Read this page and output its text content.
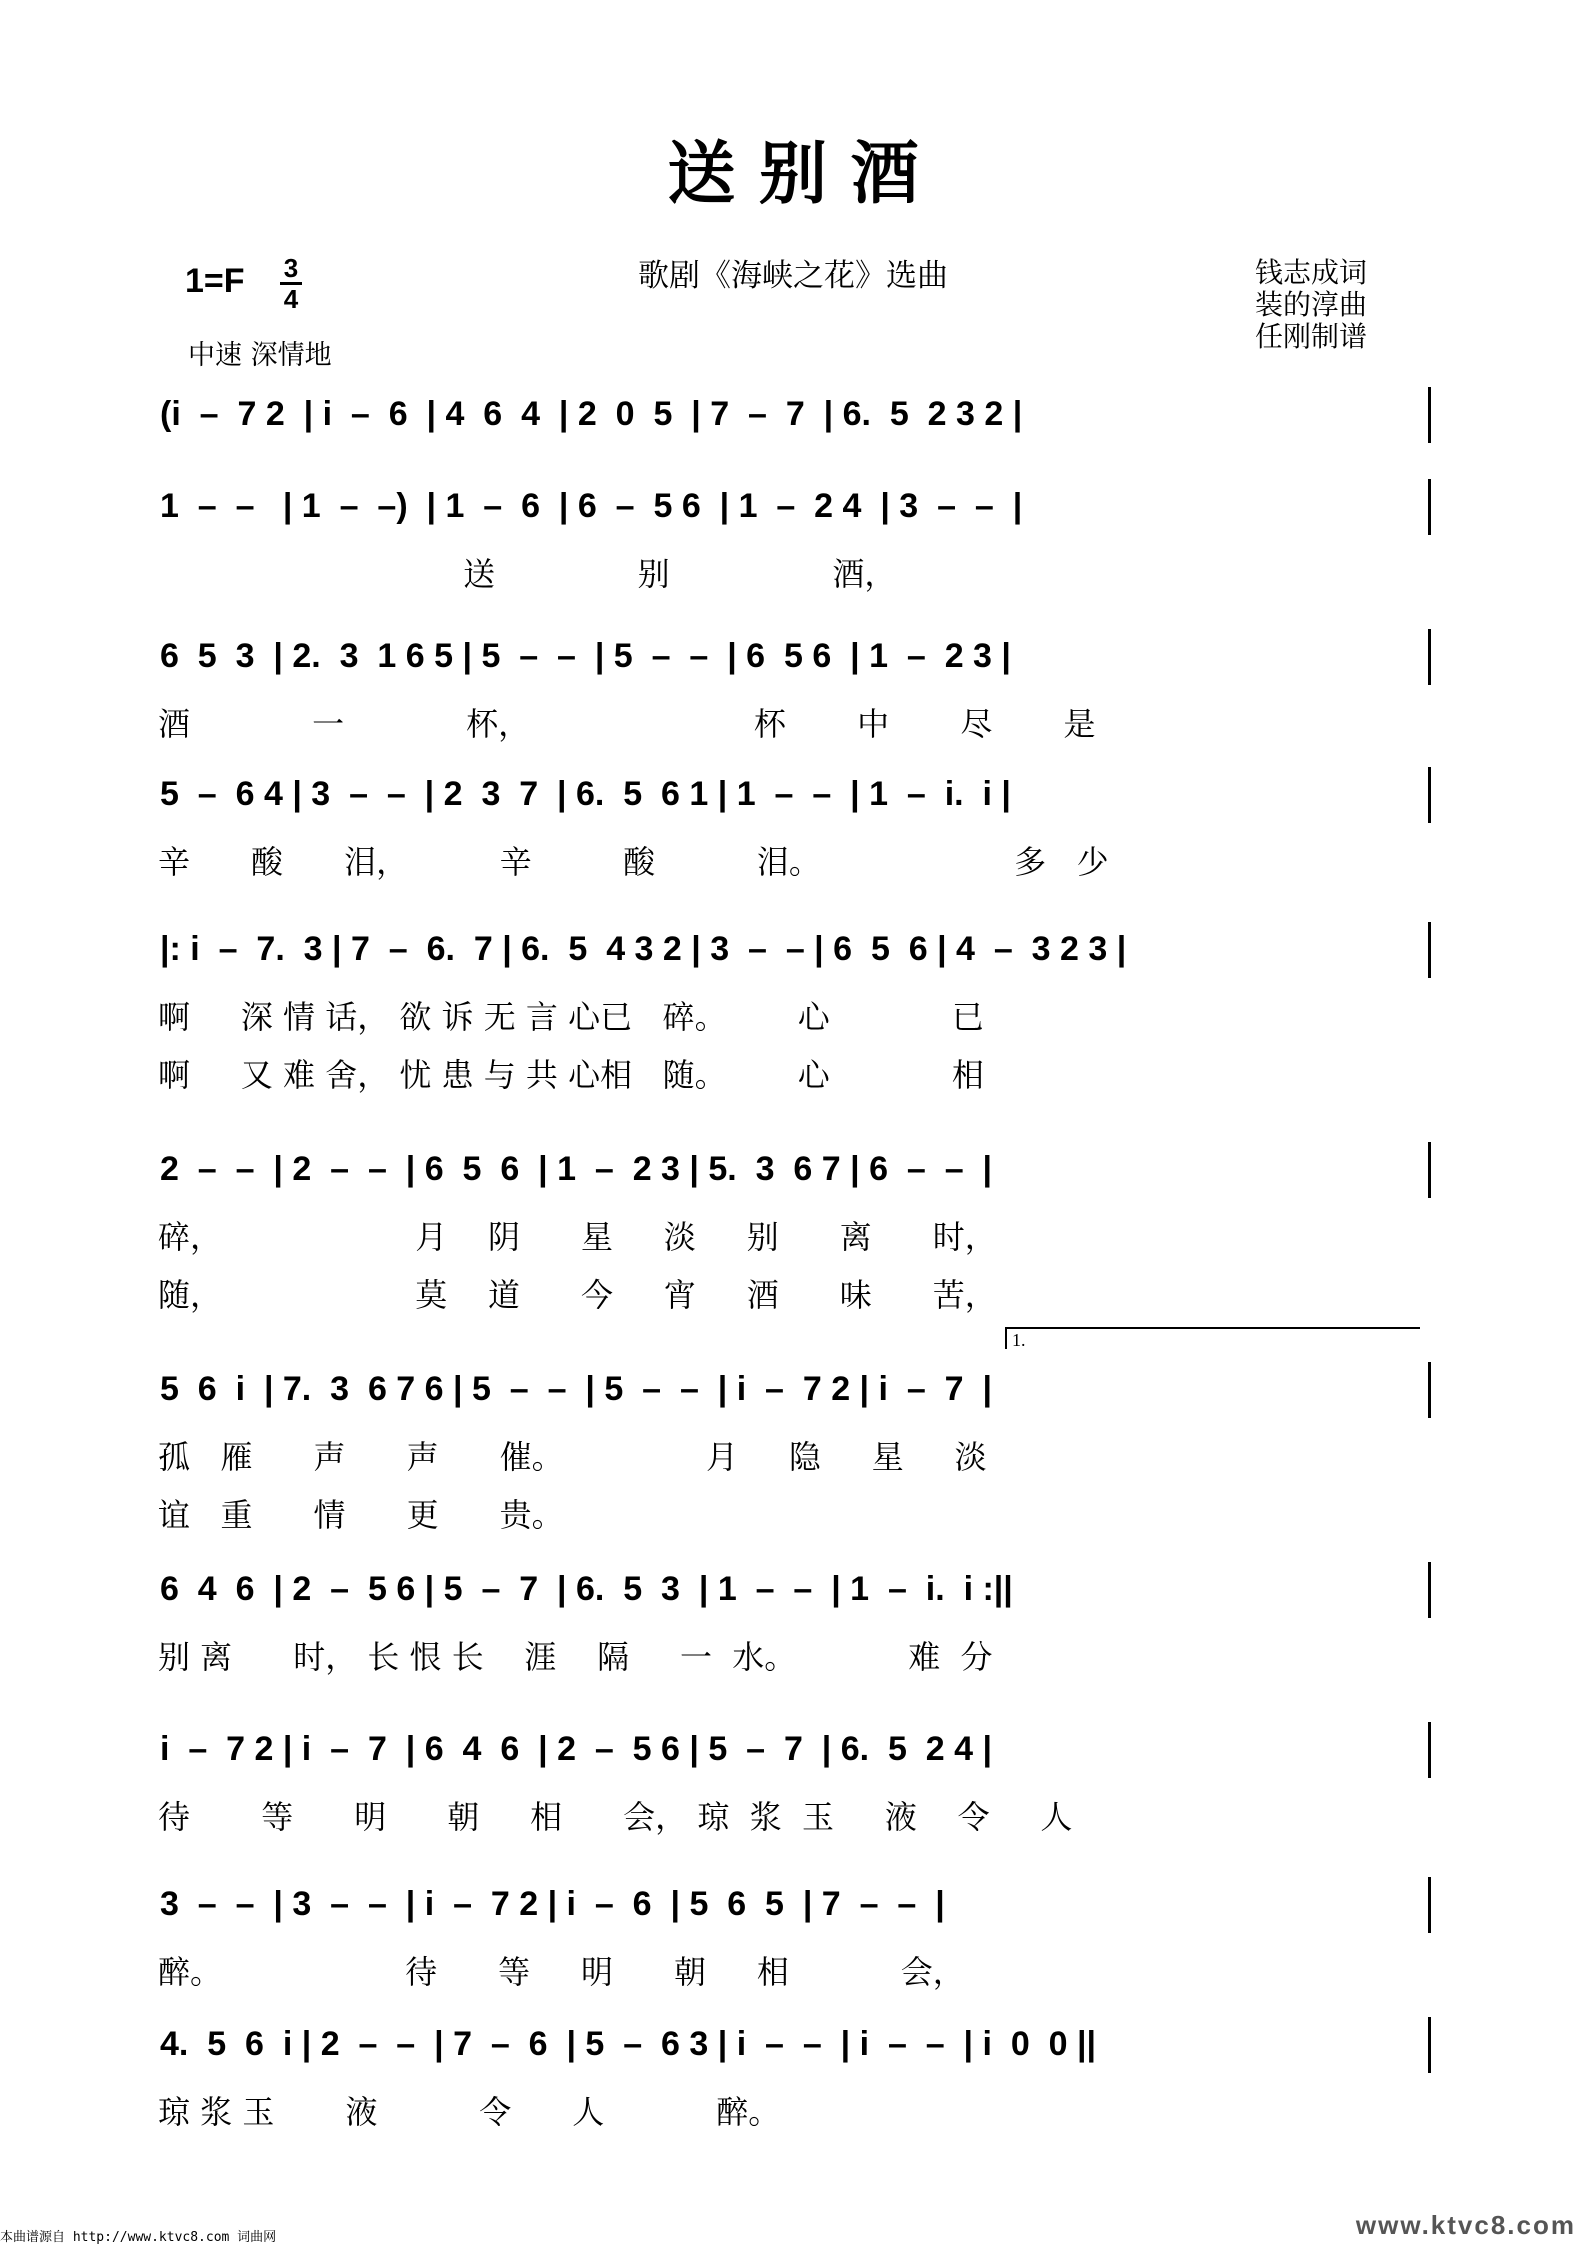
送 别 酒
歌剧《海峡之花》选曲
1=F 3
4
中速 深情地
钱志成词
装的淳曲
任刚制谱
(i  –  7 2  | i  –  6  | 4  6  4  | 2  0  5  | 7  –  7  | 6.  5  2 3 2 |
1  –  –   | 1  –  –)  | 1  –  6  | 6  –  5 6  | 1  –  2 4  | 3  –  –  |
送              别                酒，
6  5  3  | 2.  3  1 6 5 | 5  –  –  | 5  –  –  | 6  5 6  | 1  –  2 3 |
酒            一            杯，                      杯       中       尽       是
5  –  6 4 | 3  –  –  | 2  3  7  | 6.  5  6 1 | 1  –  –  | 1  –  i.  i |
辛      酸      泪，         辛         酸          泪。                   多   少
|: i  –  7.  3 | 7  –  6.  7 | 6.  5  4 3 2 | 3  –  – | 6  5  6 | 4  –  3 2 3 |
啊     深 情 话， 欲 诉 无 言 心已   碎。       心            已
啊     又 难 舍， 忧 患 与 共 心相   随。       心            相
2  –  –  | 2  –  –  | 6  5  6  | 1  –  2 3 | 5.  3  6 7 | 6  –  –  |
碎，                   月    阴      星     淡     别      离      时，
随，                   莫    道      今     宵     酒      味      苦，
5  6  i  | 7.  3  6 7 6 | 5  –  –  | 5  –  –  | i  –  7 2 | i  –  7  |
孤   雁      声      声      催。              月     隐     星     淡
谊   重      情      更      贵。
6  4  6  | 2  –  5 6 | 5  –  7  | 6.  5  3  | 1  –  –  | 1  –  i.  i :||
别 离      时， 长 恨 长    涯    隔     一  水。           难  分
i  –  7 2 | i  –  7  | 6  4  6  | 2  –  5 6 | 5  –  7  | 6.  5  2 4 |
待       等      明      朝     相      会， 琼  浆  玉     液    令     人
3  –  –  | 3  –  –  | i  –  7 2 | i  –  6  | 5  6  5  | 7  –  –  |
醉。                  待      等     明      朝     相           会，
4.  5  6  i | 2  –  –  | 7  –  6  | 5  –  6 3 | i  –  –  | i  –  –  | i  0  0 ||
琼 浆 玉       液          令      人           醉。
1.
本曲谱源自 http://www.ktvc8.com 词曲网	www.ktvc8.com
